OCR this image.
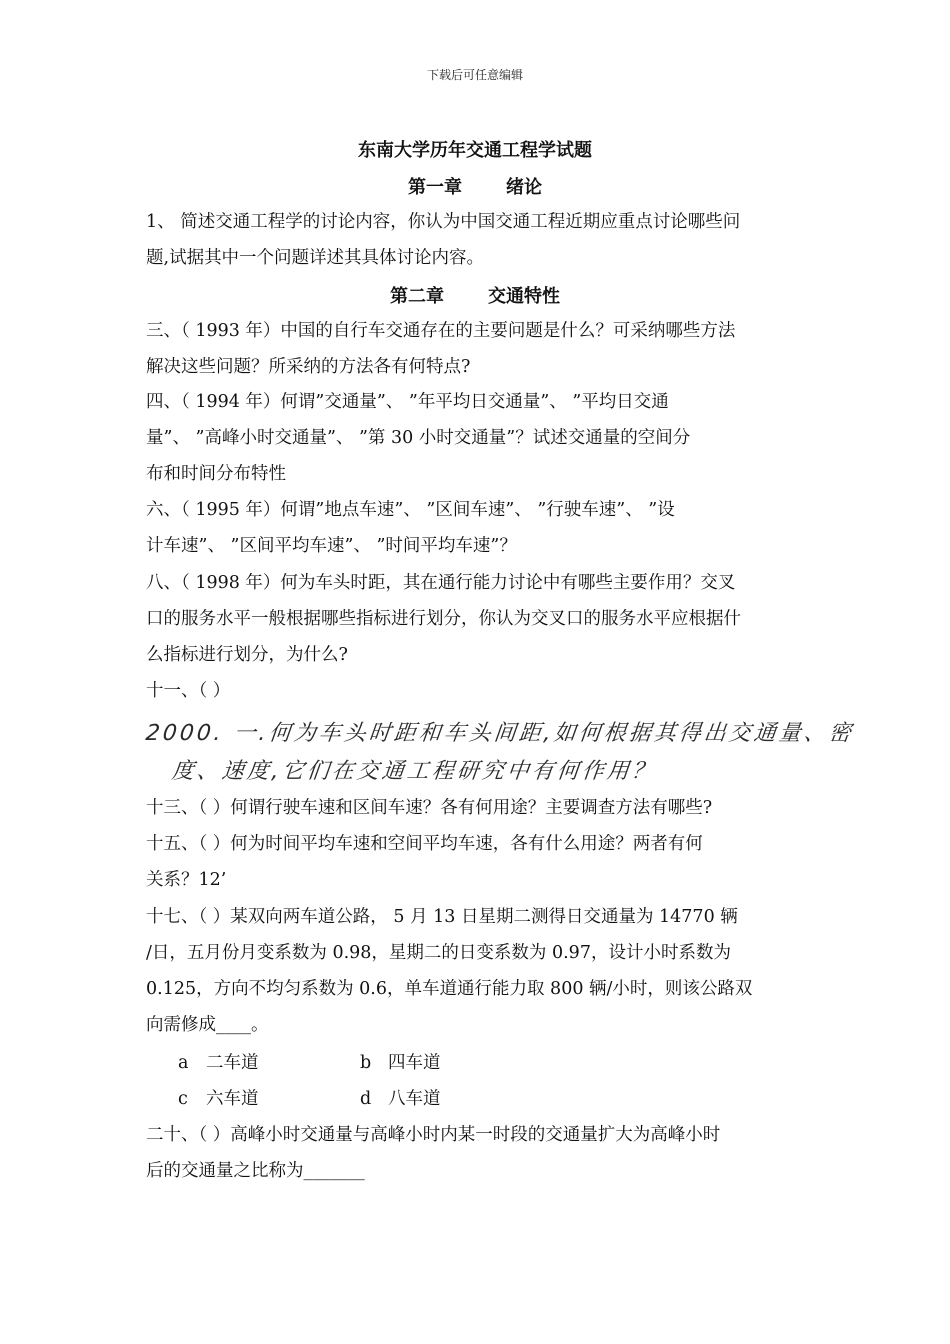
下载后可任意编辑
东南大学历年交通工程学试题
第一章 绪论
1、 简述交通工程学的讨论内容，你认为中国交通工程近期应重点讨论哪些问
题,试据其中一个问题详述其具体讨论内容。
第二章 交通特性
三、（ 1993 年）中国的自行车交通存在的主要问题是什么？可采纳哪些方法
解决这些问题？所采纳的方法各有何特点?
四、（ 1994 年）何谓”交通量”、 ”年平均日交通量”、 ”平均日交通
量”、 ”高峰小时交通量”、 ”第 30 小时交通量”？试述交通量的空间分
布和时间分布特性
六、（ 1995 年）何谓”地点车速”、 ”区间车速”、 ”行驶车速”、 ”设
计车速”、 ”区间平均车速”、 ”时间平均车速”？
八、（ 1998 年）何为车头时距，其在通行能力讨论中有哪些主要作用？交叉
口的服务水平一般根据哪些指标进行划分，你认为交叉口的服务水平应根据什
么指标进行划分，为什么?
十一、（ ）
2000. 一.何为车头时距和车头间距,如何根据其得出交通量、密
度、速度,它们在交通工程研究中有何作用？
十三、（ ）何谓行驶车速和区间车速？各有何用途？主要调查方法有哪些?
十五、（ ）何为时间平均车速和空间平均车速，各有什么用途？两者有何
关系？12’
十七、（ ）某双向两车道公路， 5 月 13 日星期二测得日交通量为 14770 辆
/日，五月份月变系数为 0.98，星期二的日变系数为 0.97，设计小时系数为
0.125，方向不均匀系数为 0.6，单车道通行能力取 800 辆/小时，则该公路双
向需修成____。
a 二车道	b 四车道
c 六车道	d 八车道
二十、（ ）高峰小时交通量与高峰小时内某一时段的交通量扩大为高峰小时
后的交通量之比称为_______
